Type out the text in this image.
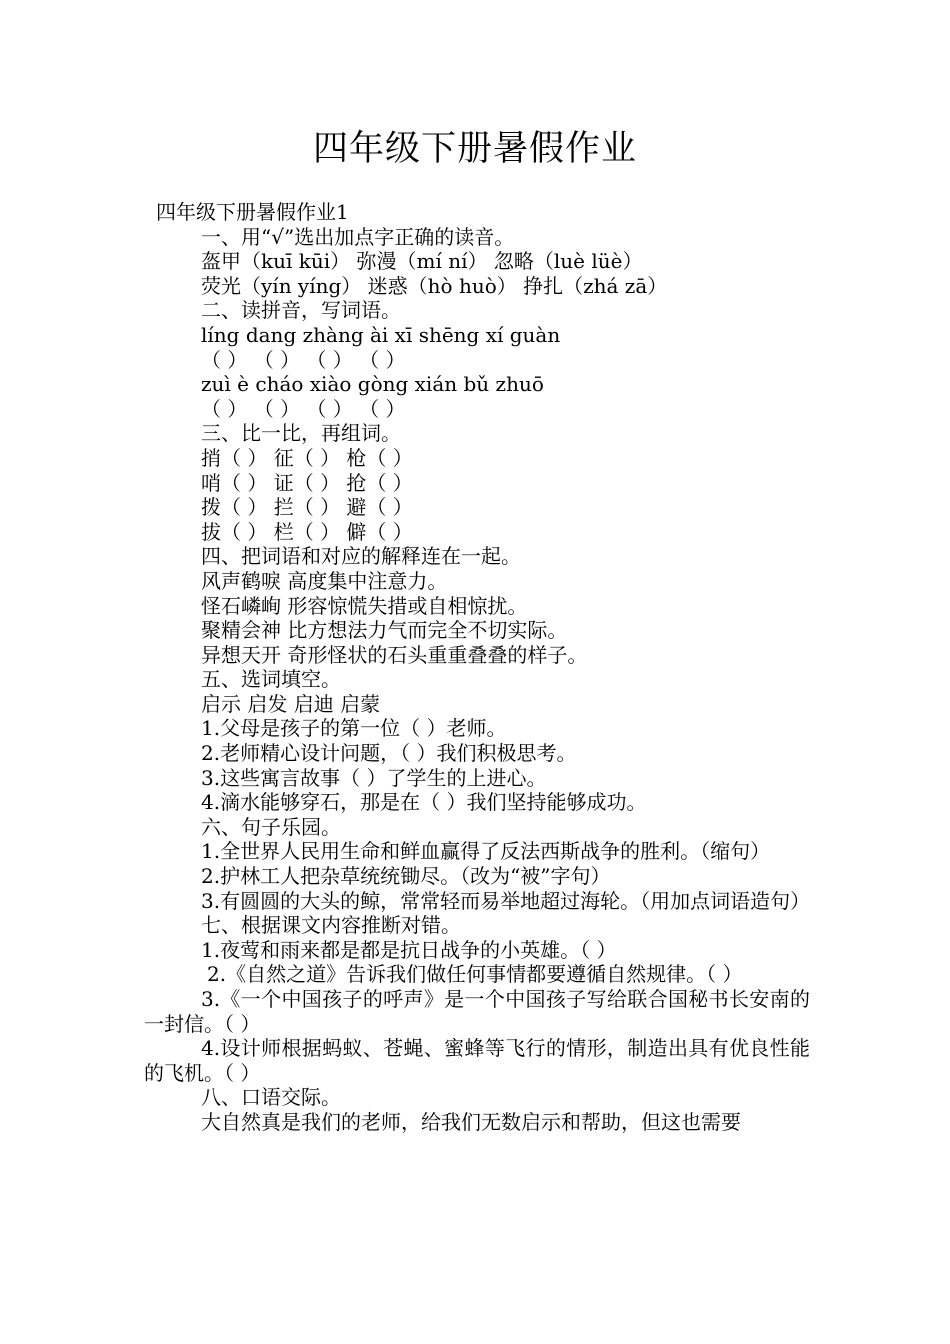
四年级下册暑假作业
四年级下册暑假作业1
一、用“√”选出加点字正确的读音。
盔甲（kuī kūi） 弥漫（mí ní） 忽略（luè lüè）
荧光（yín yíng） 迷惑（hò huò） 挣扎（zhá zā）
二、读拼音，写词语。
líng dang zhàng ài xī shēng xí guàn
（ ） （ ） （ ） （ ）
zuì è cháo xiào gòng xián bǔ zhuō
（ ） （ ） （ ） （ ）
三、比一比，再组词。
捎（ ） 征（ ） 枪（ ）
哨（ ） 证（ ） 抢（ ）
拨（ ） 拦（ ） 避（ ）
拔（ ） 栏（ ） 僻（ ）
四、把词语和对应的解释连在一起。
风声鹤唳 高度集中注意力。
怪石嶙峋 形容惊慌失措或自相惊扰。
聚精会神 比方想法力气而完全不切实际。
异想天开 奇形怪状的石头重重叠叠的样子。
五、选词填空。
启示 启发 启迪 启蒙
1.父母是孩子的第一位（ ）老师。
2.老师精心设计问题，（ ）我们积极思考。
3.这些寓言故事（ ）了学生的上进心。
4.滴水能够穿石，那是在（ ）我们坚持能够成功。
六、句子乐园。
1.全世界人民用生命和鲜血赢得了反法西斯战争的胜利。（缩句）
2.护林工人把杂草统统锄尽。（改为“被”字句）
3.有圆圆的大头的鲸，常常轻而易举地超过海轮。（用加点词语造句）
七、根据课文内容推断对错。
1.夜莺和雨来都是都是抗日战争的小英雄。（ ）
2.《自然之道》告诉我们做任何事情都要遵循自然规律。（ ）
3.《一个中国孩子的呼声》是一个中国孩子写给联合国秘书长安南的一封信。（ ）
4.设计师根据蚂蚁、苍蝇、蜜蜂等飞行的情形，制造出具有优良性能的飞机。（ ）
八、口语交际。
大自然真是我们的老师，给我们无数启示和帮助，但这也需要
